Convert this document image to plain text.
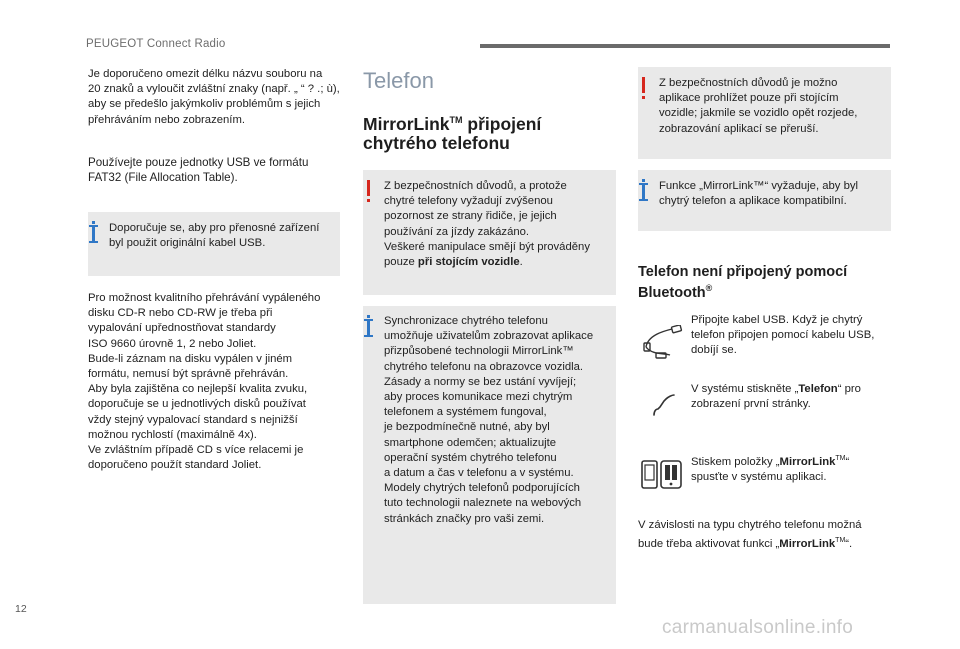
PEUGEOT Connect Radio
Je doporučeno omezit délku názvu souboru na
20 znaků a vyloučit zvláštní znaky (např. „ “ ? .; ù),
aby se předešlo jakýmkoliv problémům s jejich
přehráváním nebo zobrazením.
Používejte pouze jednotky USB ve formátu
FAT32 (File Allocation Table).
Doporučuje se, aby pro přenosné zařízení
byl použit originální kabel USB.
Pro možnost kvalitního přehrávání vypáleného
disku CD-R nebo CD-RW je třeba při
vypalování upřednostňovat standardy
ISO 9660 úrovně 1, 2 nebo Joliet.
Bude-li záznam na disku vypálen v jiném
formátu, nemusí být správně přehráván.
Aby byla zajištěna co nejlepší kvalita zvuku,
doporučuje se u jednotlivých disků používat
vždy stejný vypalovací standard s nejnižší
možnou rychlostí (maximálně 4x).
Ve zvláštním případě CD s více relacemi je
doporučeno použít standard Joliet.
Telefon
MirrorLink™ připojení
chytrého telefonu
Z bezpečnostních důvodů, a protože
chytré telefony vyžadují zvýšenou
pozornost ze strany řidiče, je jejich
používání za jízdy zakázáno.
Veškeré manipulace smějí být prováděny
pouze při stojícím vozidle.
Synchronizace chytrého telefonu
umožňuje uživatelům zobrazovat aplikace
přizpůsobené technologii MirrorLink™
chytrého telefonu na obrazovce vozidla.
Zásady a normy se bez ustání vyvíjejí;
aby proces komunikace mezi chytrým
telefonem a systémem fungoval,
je bezpodmínečně nutné, aby byl
smartphone odemčen; aktualizujte
operační systém chytrého telefonu
a datum a čas v telefonu a v systému.
Modely chytrých telefonů podporujících
tuto technologii naleznete na webových
stránkách značky pro vaši zemi.
Z bezpečnostních důvodů je možno
aplikace prohlížet pouze při stojícím
vozidle; jakmile se vozidlo opět rozjede,
zobrazování aplikací se přeruší.
Funkce „MirrorLink™“ vyžaduje, aby byl
chytrý telefon a aplikace kompatibilní.
Telefon není připojený pomocí
Bluetooth®
Připojte kabel USB. Když je chytrý
telefon připojen pomocí kabelu USB,
dobíjí se.
V systému stiskněte „Telefon“ pro
zobrazení první stránky.
Stiskem položky „MirrorLink™“
spusťte v systému aplikaci.
V závislosti na typu chytrého telefonu možná
bude třeba aktivovat funkci „MirrorLink™“.
12
carmanualsonline.info
